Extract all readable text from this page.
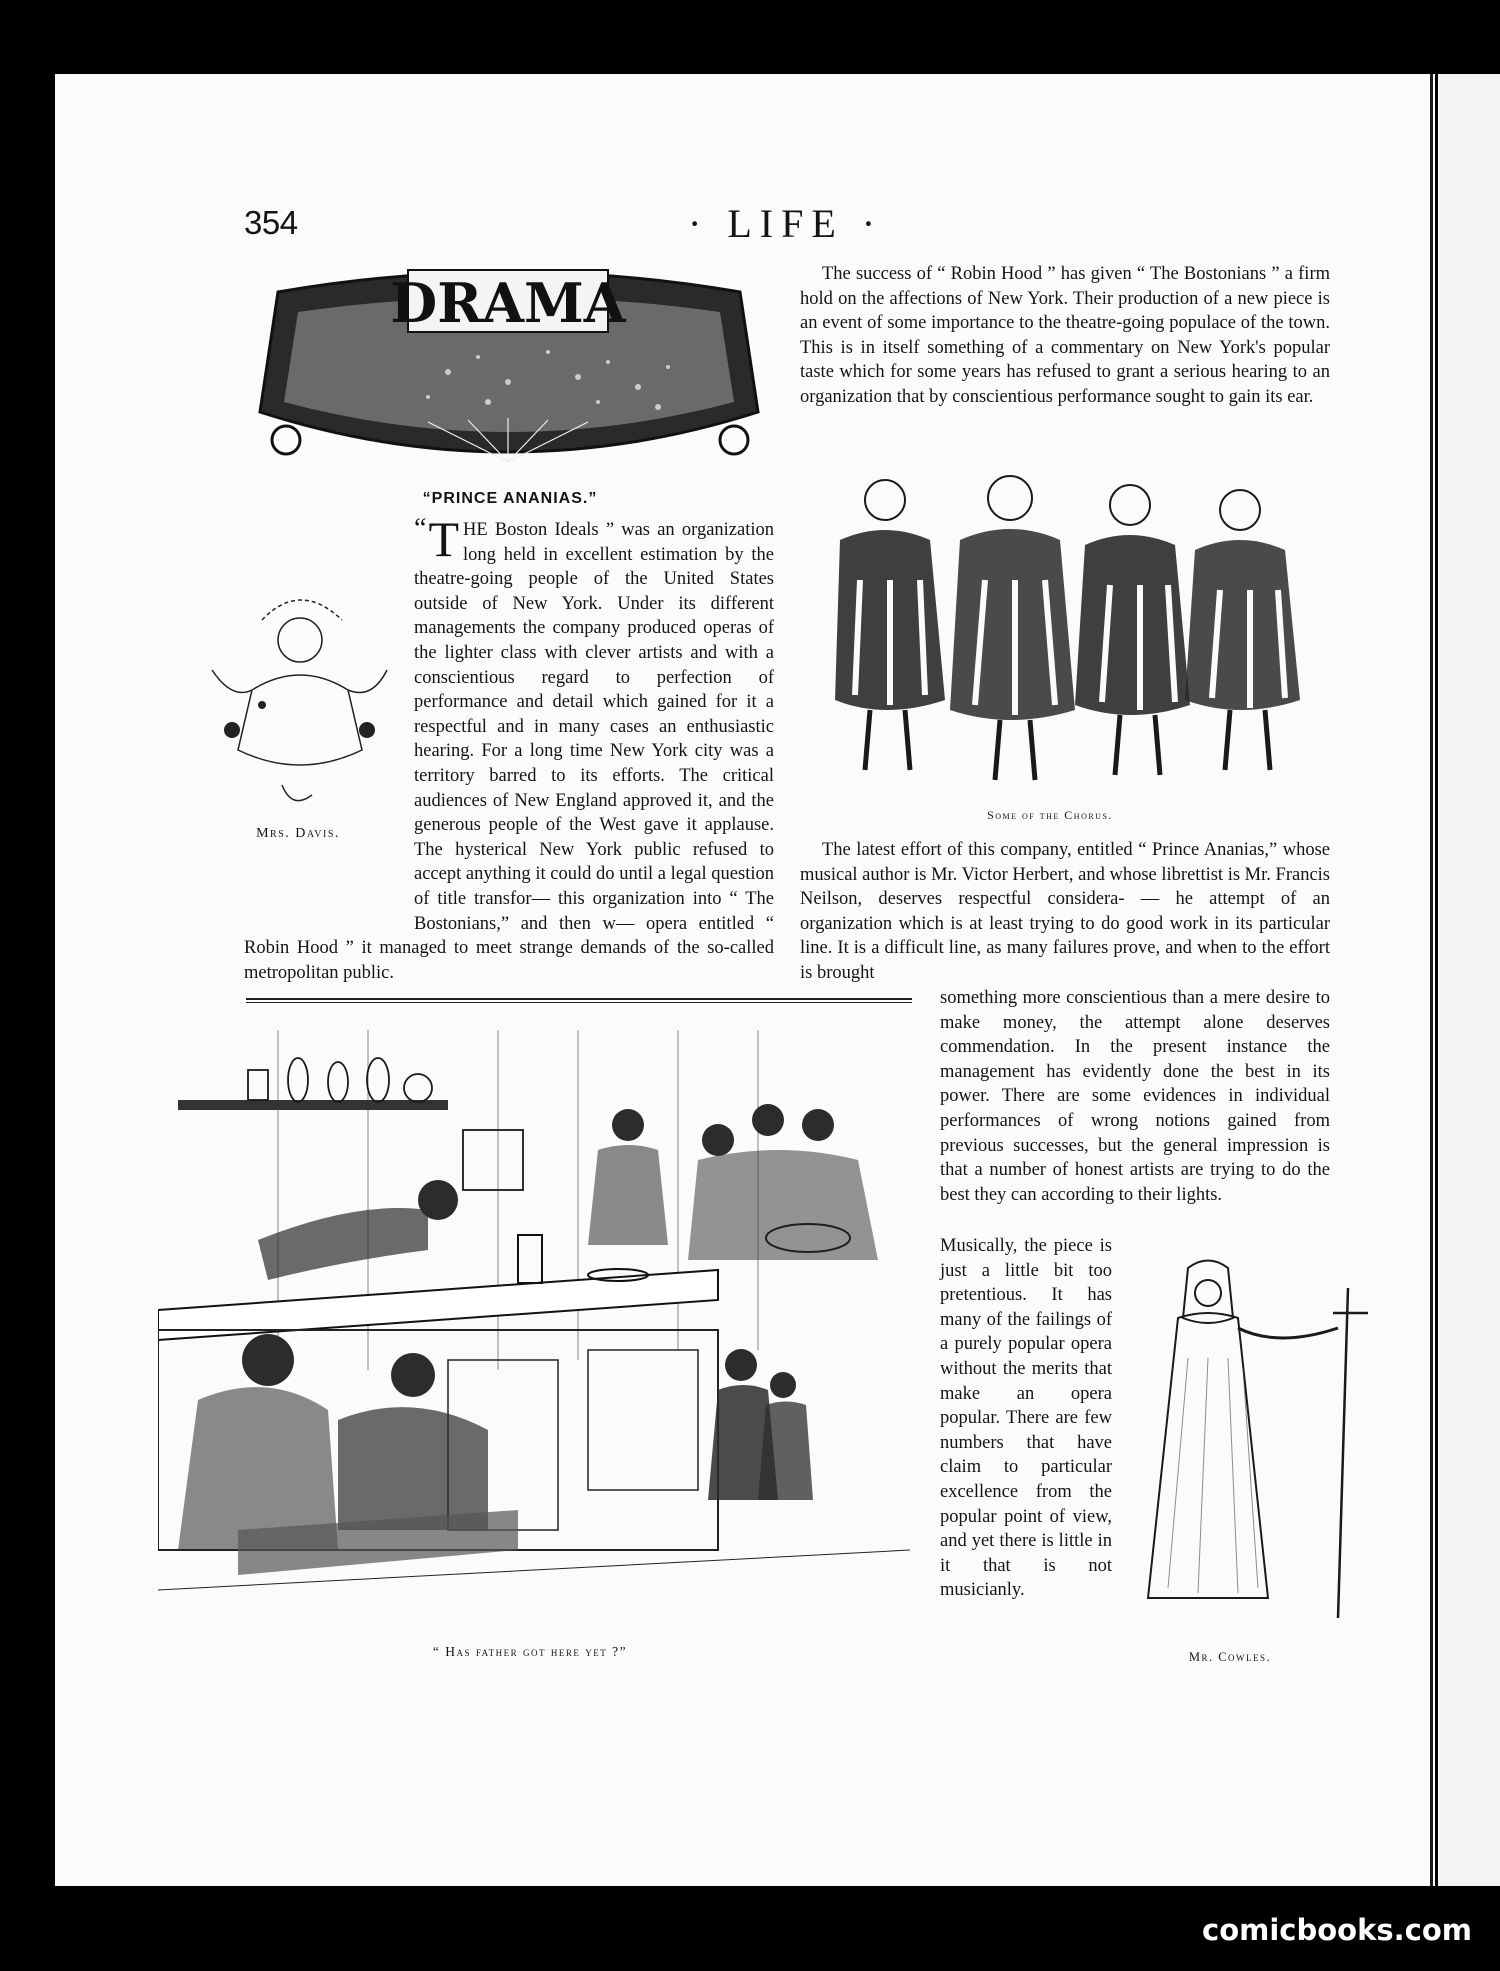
354	· LIFE ·
DRAMA
“PRINCE ANANIAS.”
Mrs. Davis.
“ T HE Boston Ideals ” was an organization long held in excellent estimation by the theatre-going people of the United States outside of New York. Under its different managements the company produced operas of the lighter class with clever artists and with a conscientious regard to perfection of performance and detail which gained for it a respectful and in many cases an enthusiastic hearing. For a long time New York city was a territory barred to its efforts. The critical audiences of New England approved it, and the generous people of the West gave it applause. The hysterical New York public refused to accept anything it could do until a legal question of title transfor— this organization into “ The Bostonians,” and then w— opera entitled “ Robin Hood ” it managed to meet strange demands of the so-called metropolitan public.

The success of “ Robin Hood ” has given “ The Bostonians ” a firm hold on the affections of New York. Their production of a new piece is an event of some importance to the theatre-going populace of the town. This is in itself something of a commentary on New York's popular taste which for some years has refused to grant a serious hearing to an organization that by conscientious performance sought to gain its ear.

Some of the Chorus.

The latest effort of this company, entitled “ Prince Ananias,” whose musical author is Mr. Victor Herbert, and whose librettist is Mr. Francis Neilson, deserves respectful considera- — he attempt of an organization which is at least trying to do good work in its particular line. It is a difficult line, as many failures prove, and when to the effort is brought

something more conscientious than a mere desire to make money, the attempt alone deserves commendation. In the present instance the management has evidently done the best in its power. There are some evidences in individual performances of wrong notions gained from previous successes, but the general impression is that a number of honest artists are trying to do the best they can according to their lights.

Musically, the piece is just a little bit too pretentious. It has many of the failings of a purely popular opera without the merits that make an opera popular. There are few numbers that have claim to particular excellence from the popular point of view, and yet there is little in it that is not musicianly.

“ Has father got here yet ?”	Mr. Cowles.
comicbooks.com
